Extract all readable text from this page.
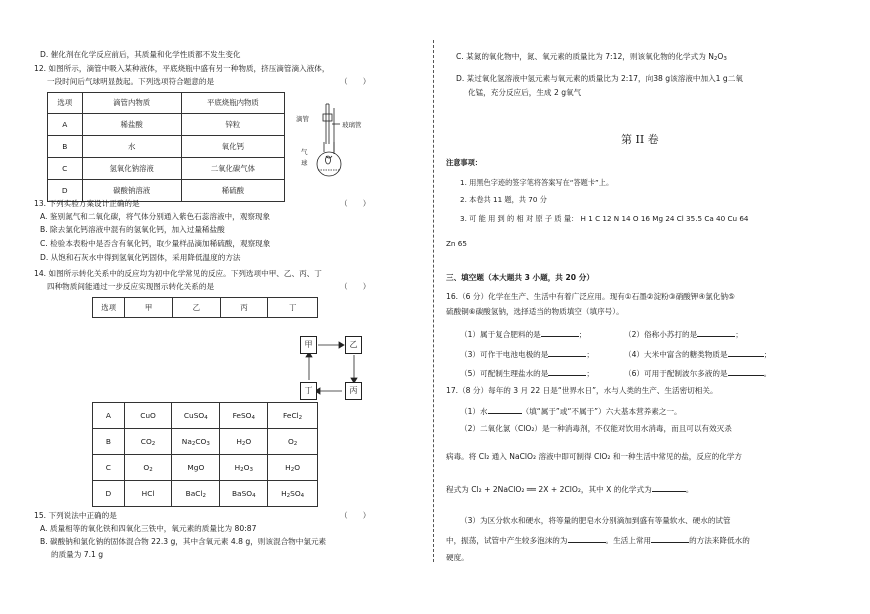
D. 催化剂在化学反应前后，其质量和化学性质都不发生变化
12. 如图所示，滴管中吸入某种液体，平底烧瓶中盛有另一种物质，挤压滴管滴入液体，
一段时间后气球明显鼓起。下列选项符合题意的是	（　　）
选项	滴管内物质	平底烧瓶内物质
A	稀盐酸	锌粒
B	水	氧化钙
C	氢氧化钠溶液	二氧化碳气体
D	碳酸钠溶液	稀硫酸
滴管
玻璃管
气
球
13. 下列实验方案设计正确的是	（　　）
A. 鉴别氮气和二氧化碳，将气体分别通入紫色石蕊溶液中，观察现象
B. 除去氯化钙溶液中混有的氢氧化钙，加入过量稀盐酸
C. 检验本表粉中是否含有氧化钙，取少量样品滴加稀硫酸，观察现象
D. 从饱和石灰水中得到氢氧化钙固体，采用降低温度的方法
14. 如图所示转化关系中的反应均为初中化学常见的反应。下列选项中甲、乙、丙、丁
四种物质间能通过一步反应实现图示转化关系的是	（　　）
选项	甲	乙	丙	丁
甲	乙
丙
丁
A	CuO	CuSO$_4$	FeSO$_4$	FeCl$_2$
B	$CO_2$	$Na_2CO_3$	$H_2O$	$O_2$
C	$O_2$	MgO	$H_2O_3$	$H_2O$
D	HCl	BaCl$_2$	BaSO$_4$	$H_2SO_4$
15. 下列说法中正确的是	（　　）
A. 质量相等的氧化铁和四氧化三铁中，氧元素的质量比为 80:87
B. 碳酸钠和氯化钠的固体混合物 22.3 g，其中含氧元素 4.8 g，则该混合物中氯元素
的质量为 7.1 g
C. 某氮的氧化物中，氮、氧元素的质量比为 7:12，则该氧化物的化学式为 $N_2O_3$
D. 某过氧化氢溶液中氢元素与氧元素的质量比为 2:17，向38 g该溶液中加入1 g二氧
化锰，充分反应后，生成 2 g氧气
第 II 卷
注意事项：
1. 用黑色字迹的签字笔将答案写在“答题卡”上。
2. 本卷共 11 题，共 70 分
3. 可 能 用 到 的 相 对 原 子 质 量： H 1 C 12 N 14 O 16 Mg 24 Cl 35.5 Ca 40 Cu 64
Zn 65
三、填空题（本大题共 3 小题，共 20 分）
16.（6 分）化学在生产、生活中有着广泛应用。现有①石墨②淀粉③硝酸钾④氯化钠⑤
硫酸铜⑥碳酸氢钠，选择适当的物质填空（填序号）。
（1）属于复合肥料的是	；	（2）俗称小苏打的是	；
（3）可作干电池电极的是	；	（4）大米中富含的糖类物质是	；
（5）可配制生理盐水的是	；	（6）可用于配制波尔多液的是	。
17.（8 分）每年的 3 月 22 日是“世界水日”，水与人类的生产、生活密切相关。
（1）水	（填“属于”或“不属于”）六大基本营养素之一。
（2）二氧化氯（ClO₂）是一种消毒剂，不仅能对饮用水消毒，而且可以有效灭杀
病毒。将 Cl₂ 通入 NaClO₂ 溶液中即可制得 ClO₂ 和一种生活中常见的盐，反应的化学方
程式为 Cl₂ + 2NaClO₂ ══ 2X + 2ClO₂，其中 X 的化学式为	。
（3）为区分软水和硬水，将等量的肥皂水分别滴加到盛有等量软水、硬水的试管
中，振荡，试管中产生较多泡沫的为	。生活上常用	的方法来降低水的
硬度。
